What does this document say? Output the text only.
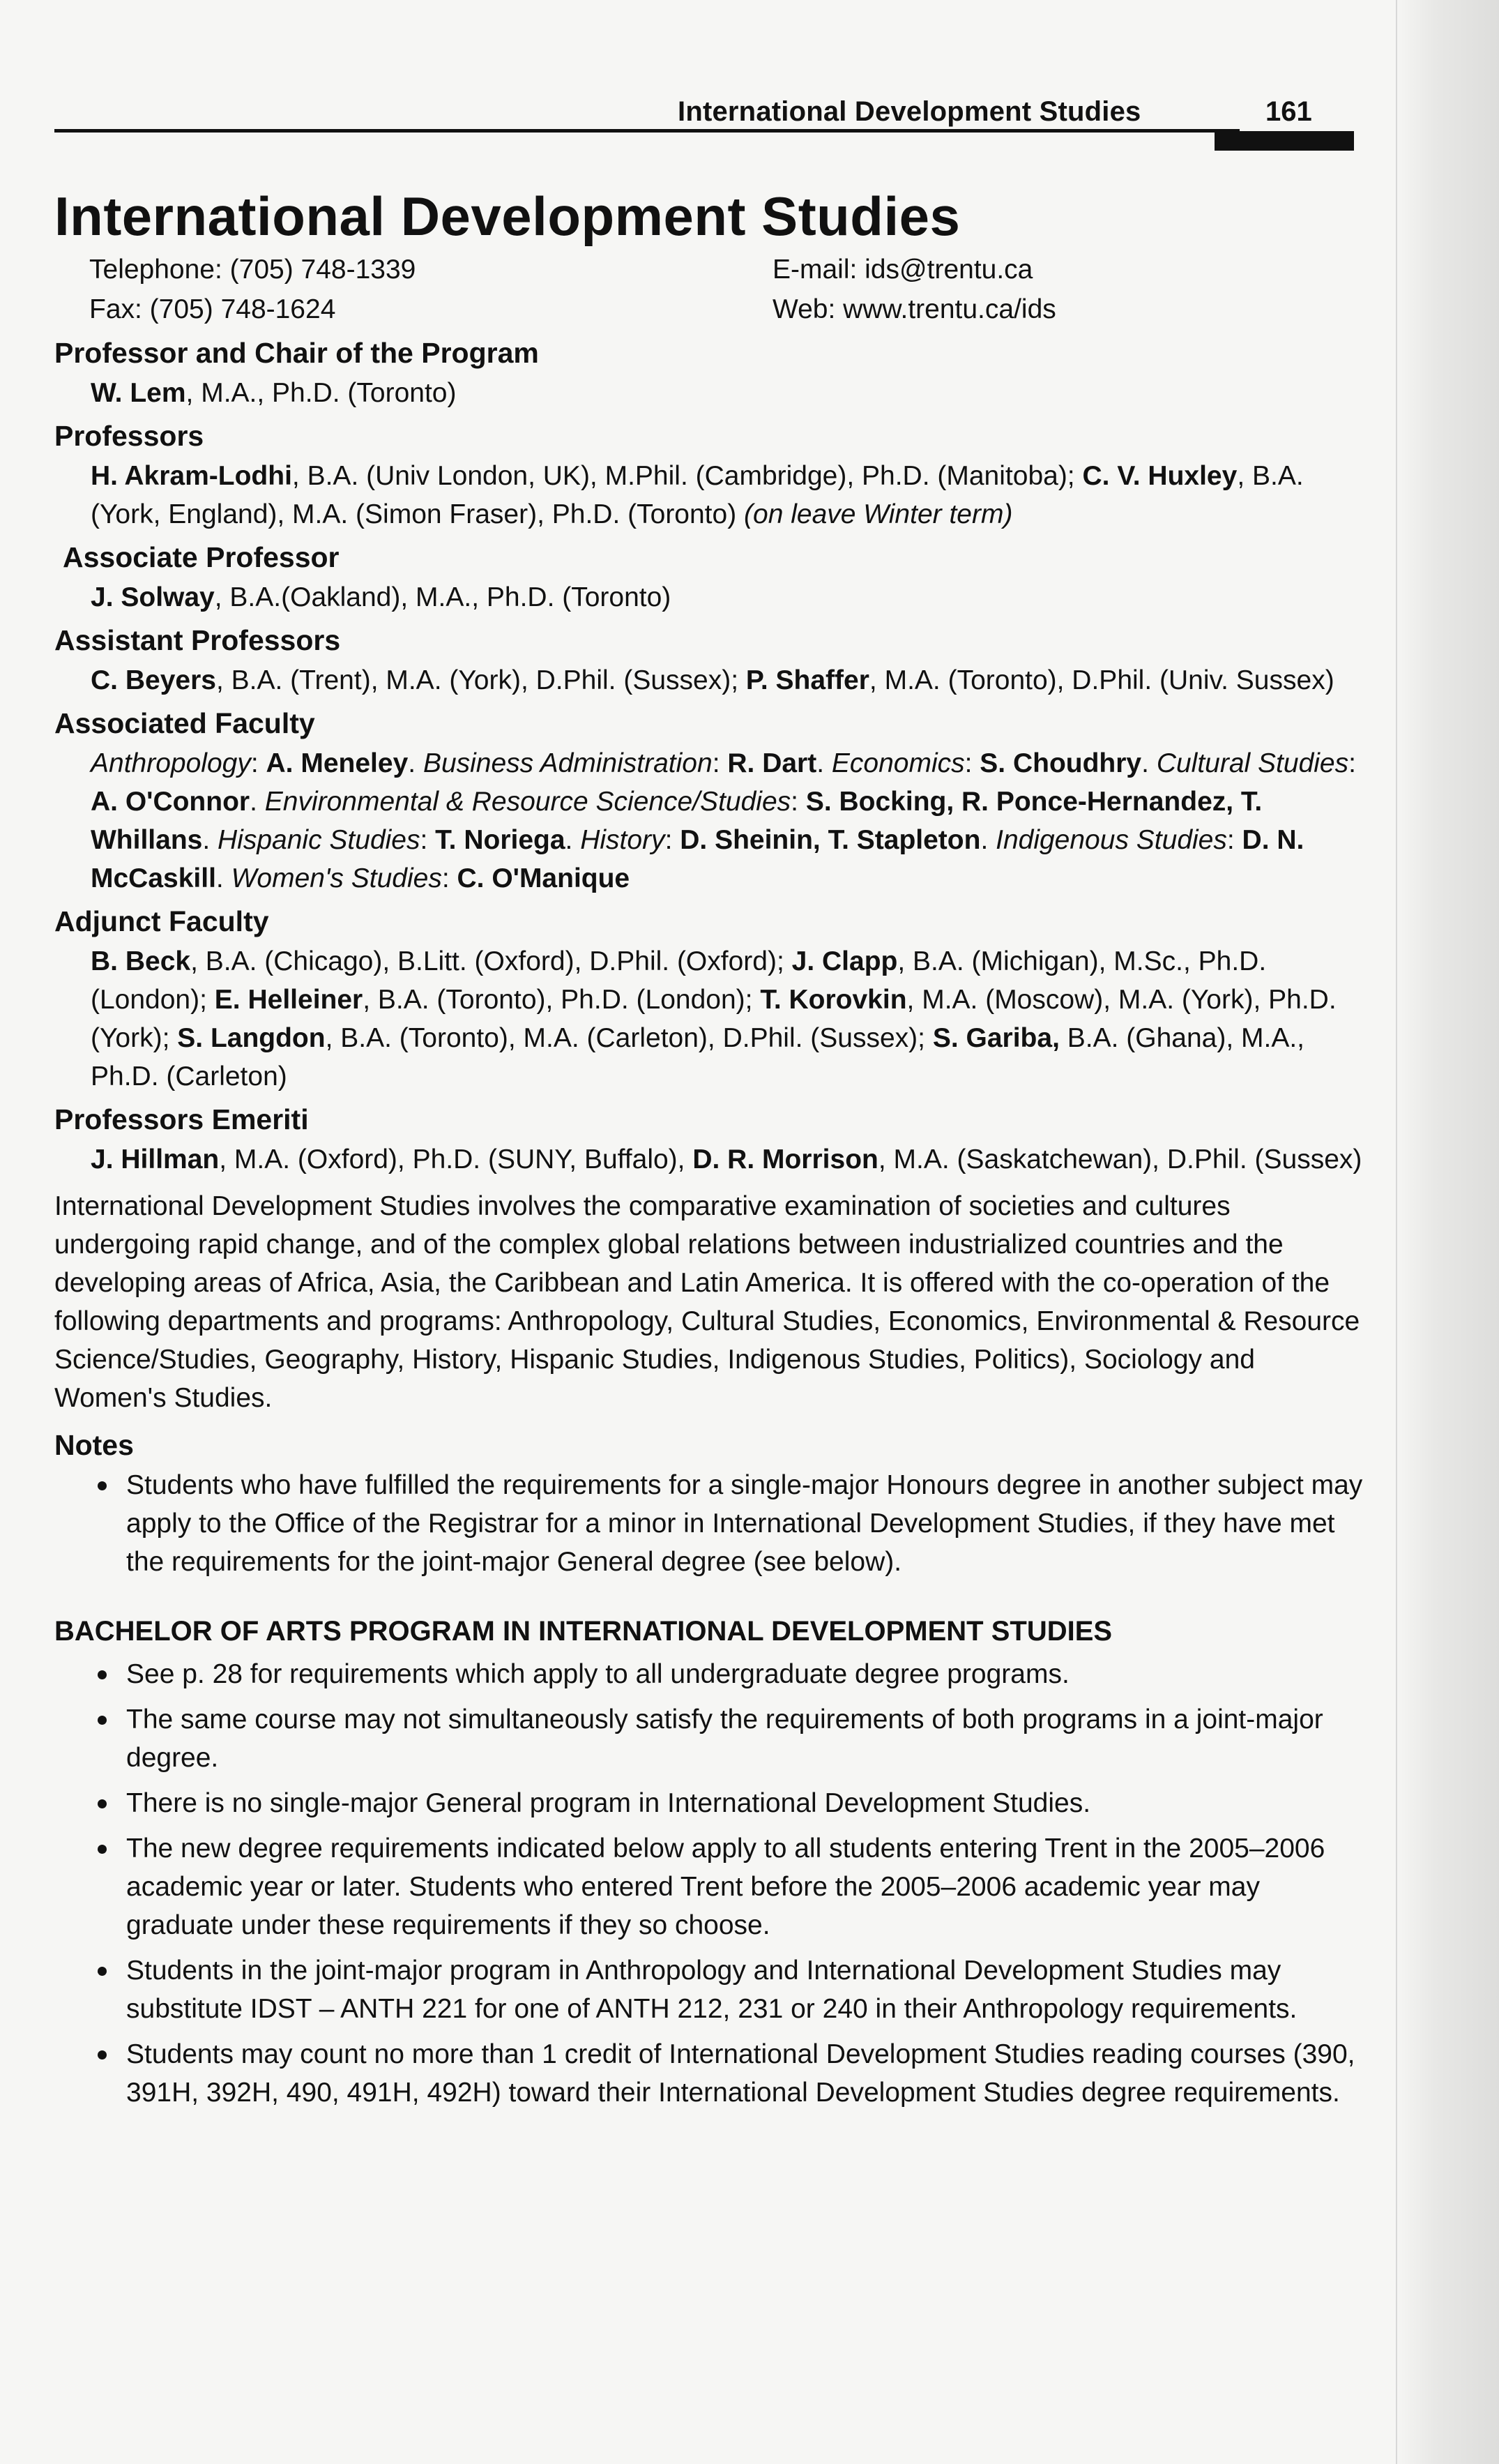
International Development Studies	161
International Development Studies
Telephone: (705) 748-1339
Fax: (705) 748-1624
E-mail: ids@trentu.ca
Web: www.trentu.ca/ids
Professor and Chair of the Program
W. Lem, M.A., Ph.D. (Toronto)
Professors
H. Akram-Lodhi, B.A. (Univ London, UK), M.Phil. (Cambridge), Ph.D. (Manitoba); C. V. Huxley, B.A. (York, England), M.A. (Simon Fraser), Ph.D. (Toronto) (on leave Winter term)
Associate Professor
J. Solway, B.A.(Oakland), M.A., Ph.D. (Toronto)
Assistant Professors
C. Beyers, B.A. (Trent), M.A. (York), D.Phil. (Sussex); P. Shaffer, M.A. (Toronto), D.Phil. (Univ. Sussex)
Associated Faculty
Anthropology: A. Meneley. Business Administration: R. Dart. Economics: S. Choudhry. Cultural Studies: A. O'Connor. Environmental & Resource Science/Studies: S. Bocking, R. Ponce-Hernandez, T. Whillans. Hispanic Studies: T. Noriega. History: D. Sheinin, T. Stapleton. Indigenous Studies: D. N. McCaskill. Women's Studies: C. O'Manique
Adjunct Faculty
B. Beck, B.A. (Chicago), B.Litt. (Oxford), D.Phil. (Oxford); J. Clapp, B.A. (Michigan), M.Sc., Ph.D. (London); E. Helleiner, B.A. (Toronto), Ph.D. (London); T. Korovkin, M.A. (Moscow), M.A. (York), Ph.D. (York); S. Langdon, B.A. (Toronto), M.A. (Carleton), D.Phil. (Sussex); S. Gariba, B.A. (Ghana), M.A., Ph.D. (Carleton)
Professors Emeriti
J. Hillman, M.A. (Oxford), Ph.D. (SUNY, Buffalo), D. R. Morrison, M.A. (Saskatchewan), D.Phil. (Sussex)
International Development Studies involves the comparative examination of societies and cultures undergoing rapid change, and of the complex global relations between industrialized countries and the developing areas of Africa, Asia, the Caribbean and Latin America. It is offered with the co-operation of the following departments and programs: Anthropology, Cultural Studies, Economics, Environmental & Resource Science/Studies, Geography, History, Hispanic Studies, Indigenous Studies, Politics), Sociology and Women's Studies.
Notes
Students who have fulfilled the requirements for a single-major Honours degree in another subject may apply to the Office of the Registrar for a minor in International Development Studies, if they have met the requirements for the joint-major General degree (see below).
BACHELOR OF ARTS PROGRAM IN INTERNATIONAL DEVELOPMENT STUDIES
See p. 28 for requirements which apply to all undergraduate degree programs.
The same course may not simultaneously satisfy the requirements of both programs in a joint-major degree.
There is no single-major General program in International Development Studies.
The new degree requirements indicated below apply to all students entering Trent in the 2005–2006 academic year or later. Students who entered Trent before the 2005–2006 academic year may graduate under these requirements if they so choose.
Students in the joint-major program in Anthropology and International Development Studies may substitute IDST – ANTH 221 for one of ANTH 212, 231 or 240 in their Anthropology requirements.
Students may count no more than 1 credit of International Development Studies reading courses (390, 391H, 392H, 490, 491H, 492H) toward their International Development Studies degree requirements.
